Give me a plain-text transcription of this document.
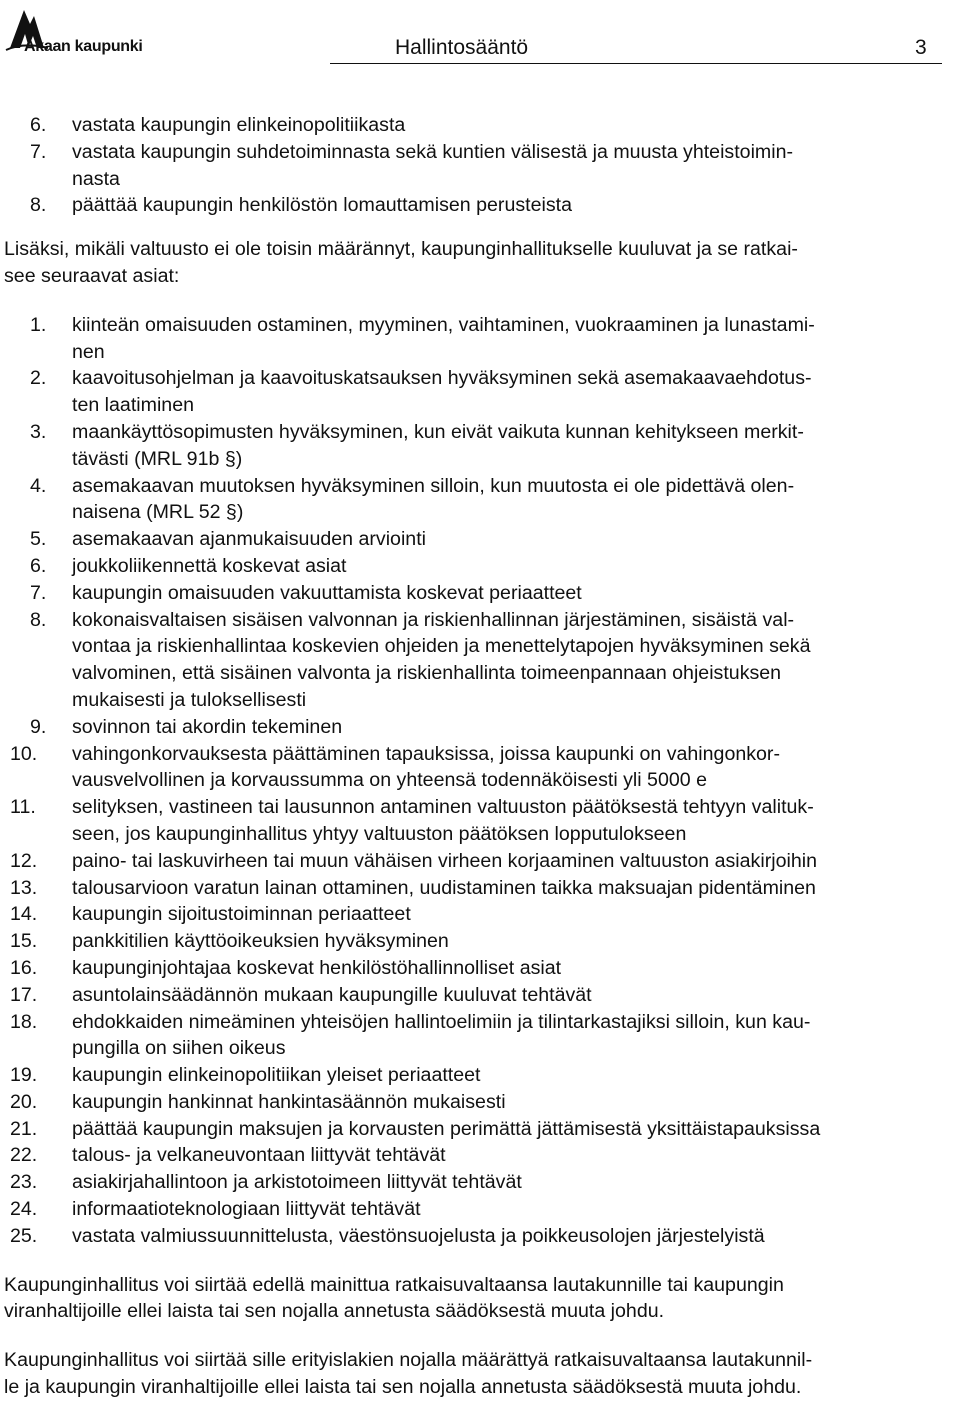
Akaan kaupunki	Hallintosääntö	3
6. vastata kaupungin elinkeinopolitiikasta
7. vastata kaupungin suhdetoiminnasta sekä kuntien välisestä ja muusta yhteistoimin-
nasta
8. päättää kaupungin henkilöstön lomauttamisen perusteista

Lisäksi, mikäli valtuusto ei ole toisin määrännyt, kaupunginhallitukselle kuuluvat ja se ratkai-
see seuraavat asiat:

1. kiinteän omaisuuden ostaminen, myyminen, vaihtaminen, vuokraaminen ja lunastami-
nen
2. kaavoitusohjelman ja kaavoituskatsauksen hyväksyminen sekä asemakaavaehdotus-
ten laatiminen
3. maankäyttösopimusten hyväksyminen, kun eivät vaikuta kunnan kehitykseen merkit-
tävästi (MRL 91b §)
4. asemakaavan muutoksen hyväksyminen silloin, kun muutosta ei ole pidettävä olen-
naisena (MRL 52 §)
5. asemakaavan ajanmukaisuuden arviointi
6. joukkoliikennettä koskevat asiat
7. kaupungin omaisuuden vakuuttamista koskevat periaatteet
8. kokonaisvaltaisen sisäisen valvonnan ja riskienhallinnan järjestäminen, sisäistä val-
vontaa ja riskienhallintaa koskevien ohjeiden ja menettelytapojen hyväksyminen sekä
valvominen, että sisäinen valvonta ja riskienhallinta toimeenpannaan ohjeistuksen
mukaisesti ja tuloksellisesti
9. sovinnon tai akordin tekeminen
10. vahingonkorvauksesta päättäminen tapauksissa, joissa kaupunki on vahingonkor-
vausvelvollinen ja korvaussumma on yhteensä todennäköisesti yli 5000 e
11. selityksen, vastineen tai lausunnon antaminen valtuuston päätöksestä tehtyyn valituk-
seen, jos kaupunginhallitus yhtyy valtuuston päätöksen lopputulokseen
12. paino- tai laskuvirheen tai muun vähäisen virheen korjaaminen valtuuston asiakirjoihin
13. talousarvioon varatun lainan ottaminen, uudistaminen taikka maksuajan pidentäminen
14. kaupungin sijoitustoiminnan periaatteet
15. pankkitilien käyttöoikeuksien hyväksyminen
16. kaupunginjohtajaa koskevat henkilöstöhallinnolliset asiat
17. asuntolainsäädännön mukaan kaupungille kuuluvat tehtävät
18. ehdokkaiden nimeäminen yhteisöjen hallintoelimiin ja tilintarkastajiksi silloin, kun kau-
pungilla on siihen oikeus
19. kaupungin elinkeinopolitiikan yleiset periaatteet
20. kaupungin hankinnat hankintasäännön mukaisesti
21. päättää kaupungin maksujen ja korvausten perimättä jättämisestä yksittäistapauksissa
22. talous- ja velkaneuvontaan liittyvät tehtävät
23. asiakirjahallintoon ja arkistotoimeen liittyvät tehtävät
24. informaatioteknologiaan liittyvät tehtävät
25. vastata valmiussuunnittelusta, väestönsuojelusta ja poikkeusolojen järjestelyistä

Kaupunginhallitus voi siirtää edellä mainittua ratkaisuvaltaansa lautakunnille tai kaupungin
viranhaltijoille ellei laista tai sen nojalla annetusta säädöksestä muuta johdu.

Kaupunginhallitus voi siirtää sille erityislakien nojalla määrättyä ratkaisuvaltaansa lautakunnil-
le ja kaupungin viranhaltijoille ellei laista tai sen nojalla annetusta säädöksestä muuta johdu.
